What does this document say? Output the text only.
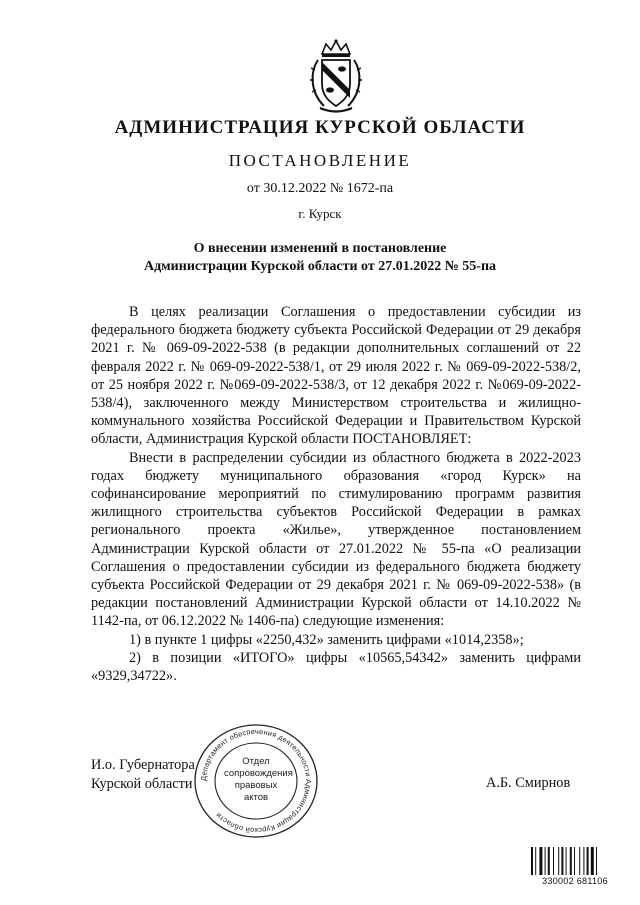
АДМИНИСТРАЦИЯ КУРСКОЙ ОБЛАСТИ
ПОСТАНОВЛЕНИЕ
от 30.12.2022 № 1672-па
г. Курск
О внесении изменений в постановление
Администрации Курской области от 27.01.2022 № 55-па

В целях реализации Соглашения о предоставлении субсидии из федерального бюджета бюджету субъекта Российской Федерации от 29 декабря 2021 г. № 069-09-2022-538 (в редакции дополнительных соглашений от 22 февраля 2022 г. № 069-09-2022-538/1, от 29 июля 2022 г. № 069-09-2022-538/2, от 25 ноября 2022 г. №069-09-2022-538/3, от 12 декабря 2022 г. №069-09-2022-538/4), заключенного между Министерством строительства и жилищно-коммунального хозяйства Российской Федерации и Правительством Курской области, Администрация Курской области ПОСТАНОВЛЯЕТ:

Внести в распределении субсидии из областного бюджета в 2022-2023 годах бюджету муниципального образования «город Курск» на софинансирование мероприятий по стимулированию программ развития жилищного строительства субъектов Российской Федерации в рамках регионального проекта «Жилье», утвержденное постановлением Администрации Курской области от 27.01.2022 № 55-па «О реализации Соглашения о предоставлении субсидии из федерального бюджета бюджету субъекта Российской Федерации от 29 декабря 2021 г. № 069-09-2022-538» (в редакции постановлений Администрации Курской области от 14.10.2022 № 1142-па, от 06.12.2022 № 1406-па) следующие изменения:

1) в пункте 1 цифры «2250,432» заменить цифрами «1014,2358»;

2) в позиции «ИТОГО» цифры «10565,54342» заменить цифрами «9329,34722».

И.о. Губернатора
Курской области	А.Б. Смирнов
Департамент обеспечения деятельности Администрации Курской области
Отдел
сопровождения
правовых
актов
330002 681106
